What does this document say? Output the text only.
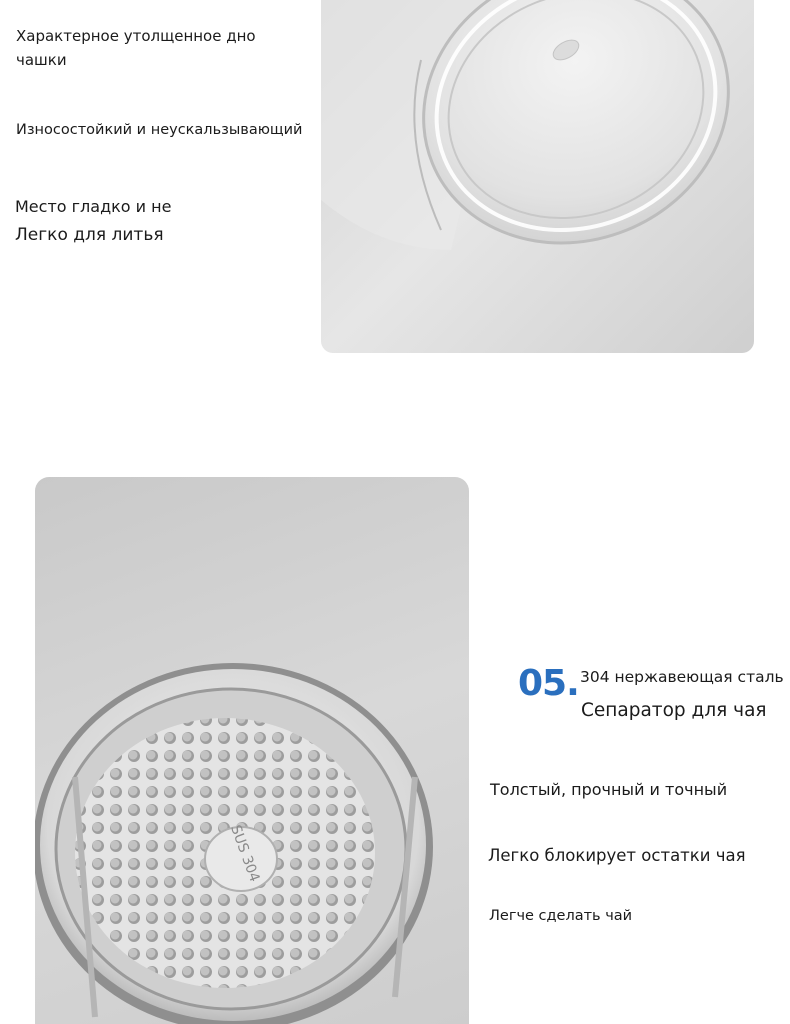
Характерное утолщенное дно чашки
Износостойкий и неускальзывающий
Место гладко и не
Легко для литья
SUS 304
05. 304 нержавеющая сталь
Сепаратор для чая
Толстый, прочный и точный
Легко блокирует остатки чая
Легче сделать чай
